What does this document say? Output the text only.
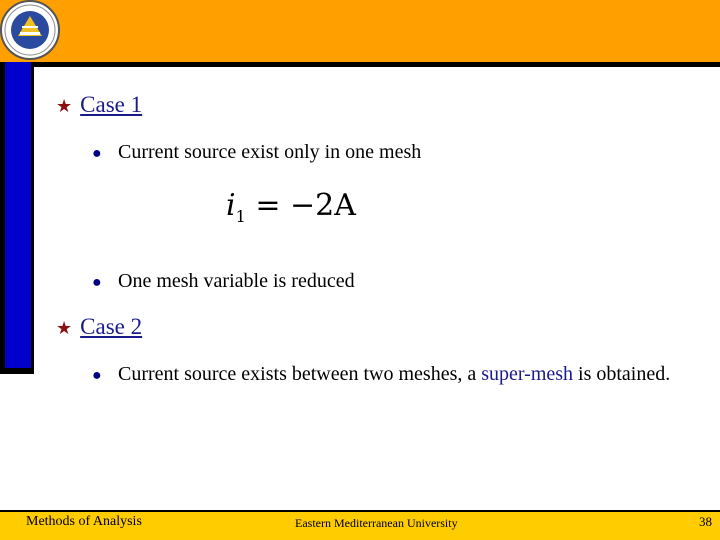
★ Case 1
● Current source exist only in one mesh
$i_1 = -2A$
● One mesh variable is reduced
★ Case 2
● Current source exists between two meshes, a super-mesh is obtained.
Methods of Analysis	Eastern Mediterranean University	38
